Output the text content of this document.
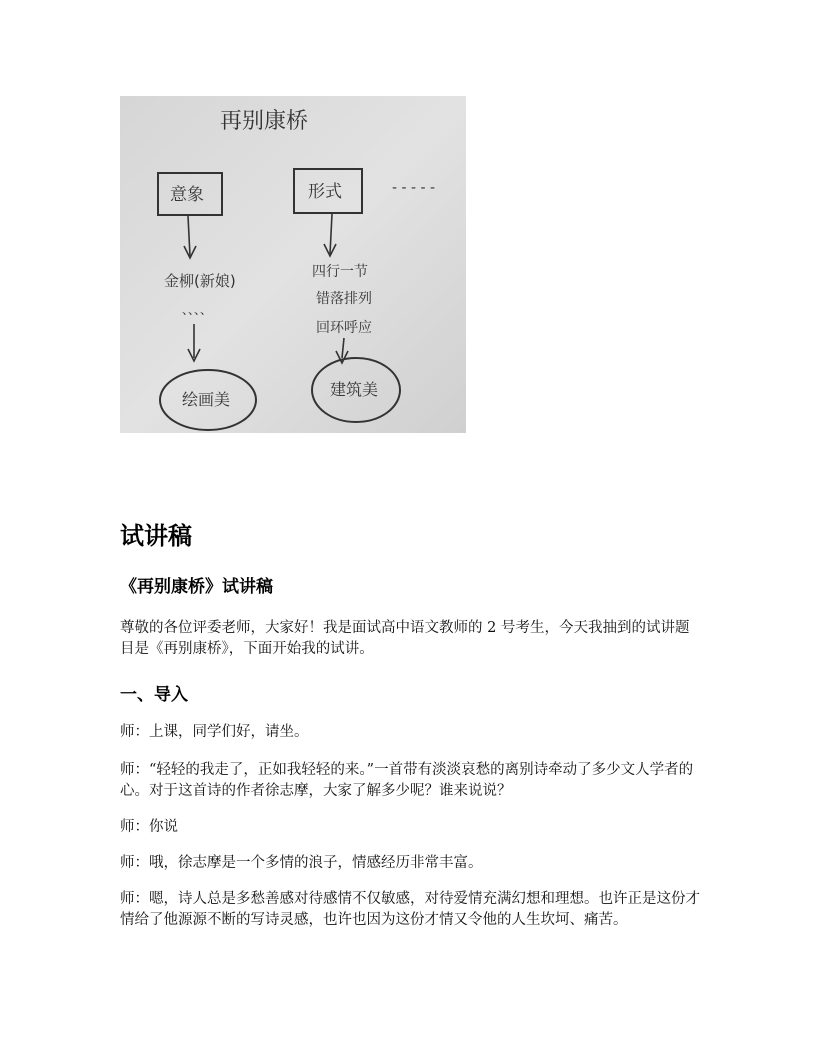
再别康桥
意象	形式	- - - - -
金柳(新娘)
、、、、
四行一节
错落排列
回环呼应
绘画美
建筑美
试讲稿
《再别康桥》试讲稿

尊敬的各位评委老师，大家好！我是面试高中语文教师的 2 号考生，今天我抽到的试讲题目是《再别康桥》，下面开始我的试讲。

一、导入

师：上课，同学们好，请坐。

师：“轻轻的我走了，正如我轻轻的来。”一首带有淡淡哀愁的离别诗牵动了多少文人学者的心。对于这首诗的作者徐志摩，大家了解多少呢？谁来说说？

师：你说

师：哦，徐志摩是一个多情的浪子，情感经历非常丰富。

师：嗯，诗人总是多愁善感对待感情不仅敏感，对待爱情充满幻想和理想。也许正是这份才情给了他源源不断的写诗灵感，也许也因为这份才情又令他的人生坎坷、痛苦。
